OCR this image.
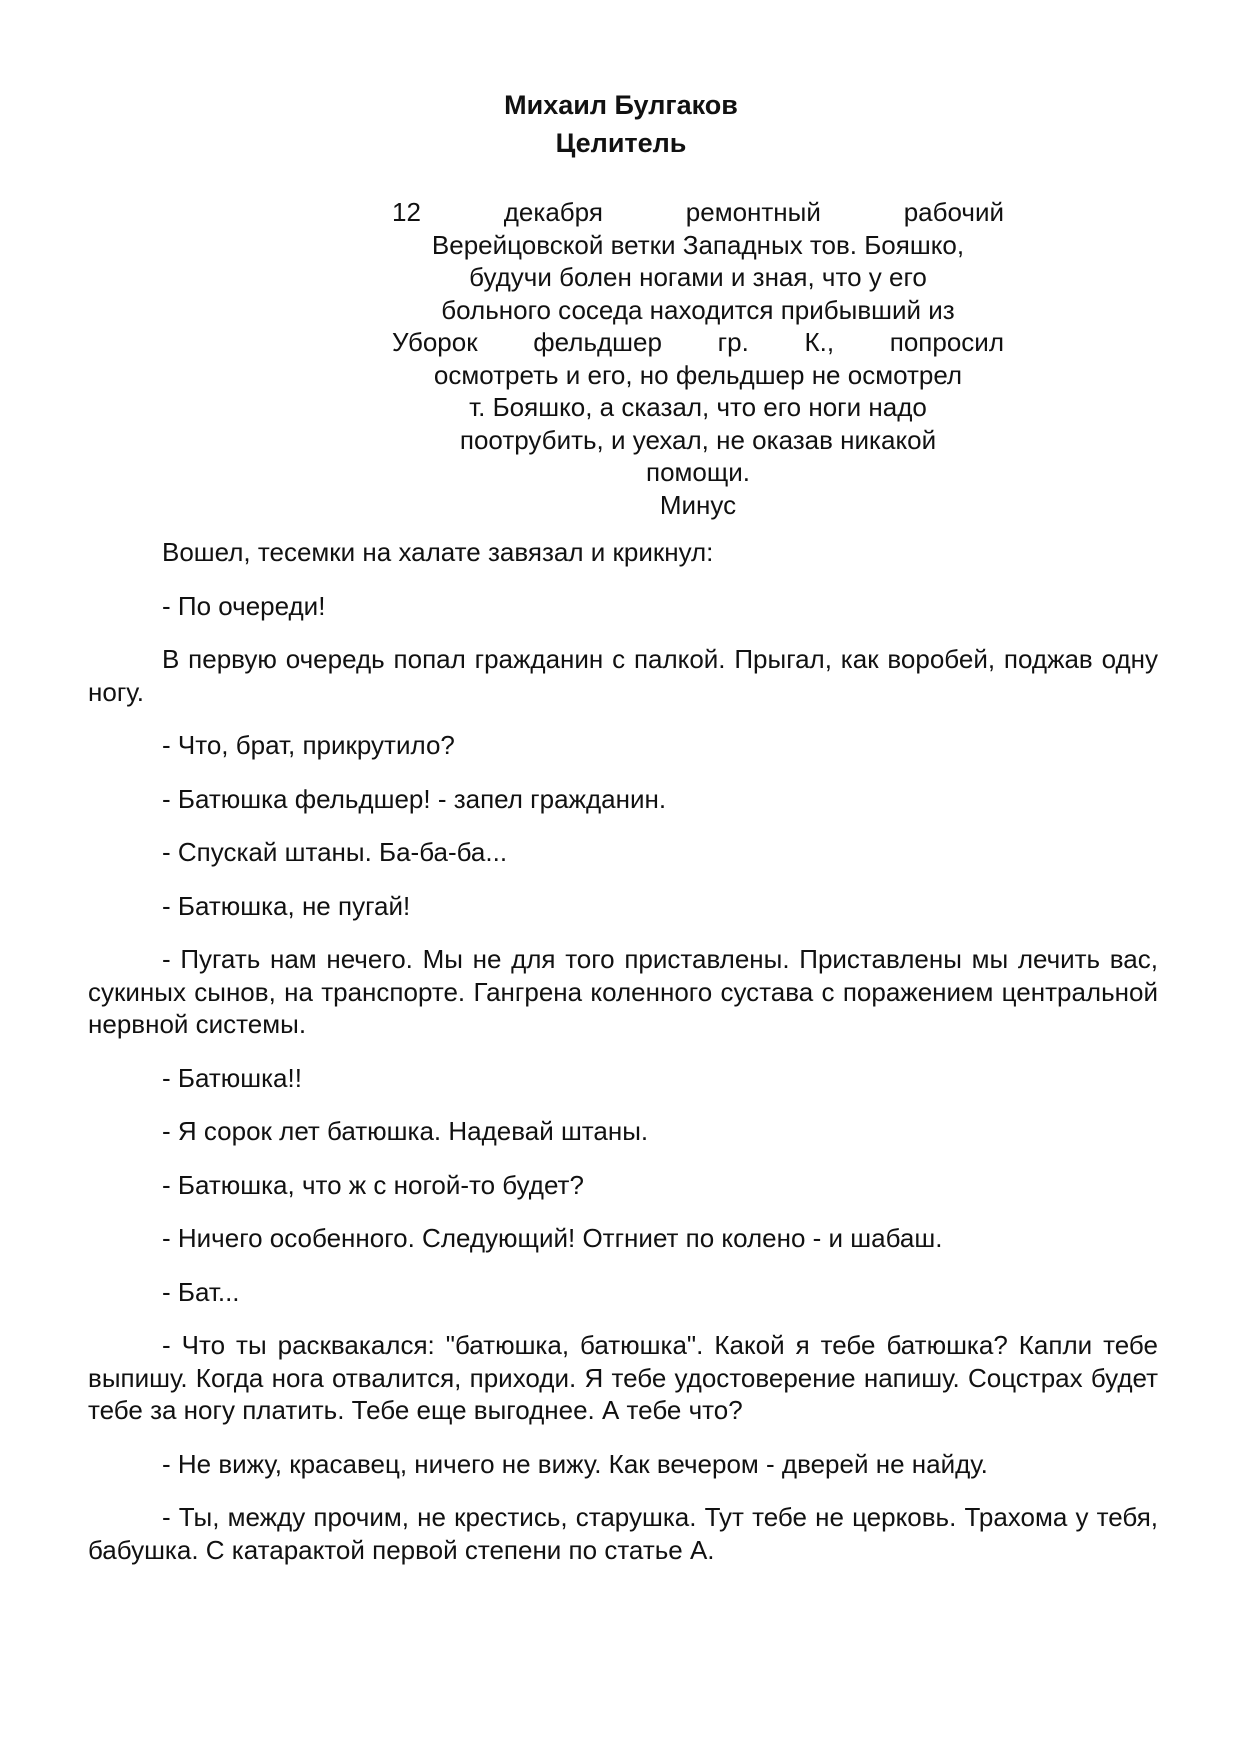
Михаил Булгаков
Целитель
12 декабря ремонтный рабочий
Верейцовской ветки Западных тов. Бояшко,
будучи болен ногами и зная, что у его
больного соседа находится прибывший из
Уборок фельдшер гр. К., попросил
осмотреть и его, но фельдшер не осмотрел
т. Бояшко, а сказал, что его ноги надо
поотрубить, и уехал, не оказав никакой
помощи.
Минус

Вошел, тесемки на халате завязал и крикнул:

- По очереди!

В первую очередь попал гражданин с палкой. Прыгал, как воробей, поджав одну ногу.

- Что, брат, прикрутило?

- Батюшка фельдшер! - запел гражданин.

- Спускай штаны. Ба-ба-ба...

- Батюшка, не пугай!

- Пугать нам нечего. Мы не для того приставлены. Приставлены мы лечить вас, сукиных сынов, на транспорте. Гангрена коленного сустава с поражением центральной нервной системы.

- Батюшка!!

- Я сорок лет батюшка. Надевай штаны.

- Батюшка, что ж с ногой-то будет?

- Ничего особенного. Следующий! Отгниет по колено - и шабаш.

- Бат...

- Что ты расквакался: "батюшка, батюшка". Какой я тебе батюшка? Капли тебе выпишу. Когда нога отвалится, приходи. Я тебе удостоверение напишу. Соцстрах будет тебе за ногу платить. Тебе еще выгоднее. А тебе что?

- Не вижу, красавец, ничего не вижу. Как вечером - дверей не найду.

- Ты, между прочим, не крестись, старушка. Тут тебе не церковь. Трахома у тебя, бабушка. С катарактой первой степени по статье А.
